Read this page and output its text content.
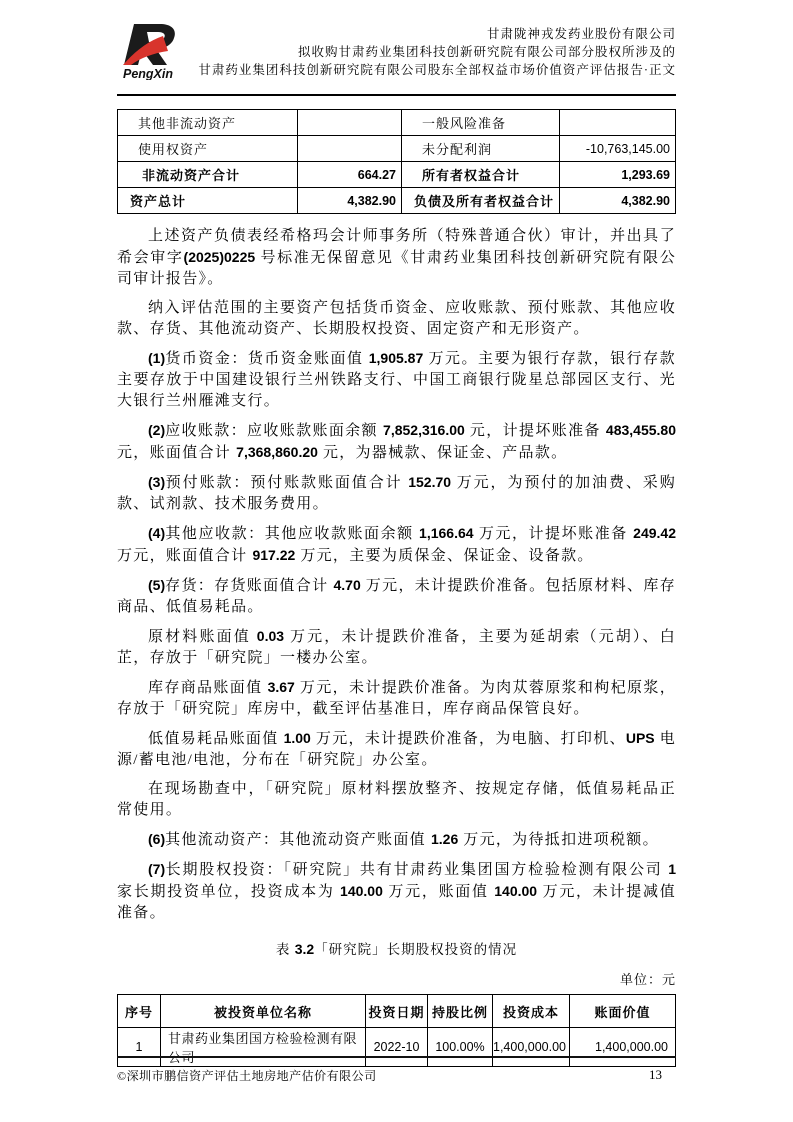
PengXin
甘肃陇神戎发药业股份有限公司
拟收购甘肃药业集团科技创新研究院有限公司部分股权所涉及的
甘肃药业集团科技创新研究院有限公司股东全部权益市场价值资产评估报告·正文
其他非流动资产		一般风险准备	
使用权资产		未分配利润	-10,763,145.00
非流动资产合计	664.27	所有者权益合计	1,293.69
资产总计	4,382.90	负债及所有者权益合计	4,382.90

上述资产负债表经希格玛会计师事务所（特殊普通合伙）审计，并出具了希会审字(2025)0225 号标准无保留意见《甘肃药业集团科技创新研究院有限公司审计报告》。

纳入评估范围的主要资产包括货币资金、应收账款、预付账款、其他应收款、存货、其他流动资产、长期股权投资、固定资产和无形资产。

(1)货币资金：货币资金账面值 1,905.87 万元。主要为银行存款，银行存款主要存放于中国建设银行兰州铁路支行、中国工商银行陇星总部园区支行、光大银行兰州雁滩支行。

(2)应收账款：应收账款账面余额 7,852,316.00 元，计提坏账准备 483,455.80 元，账面值合计 7,368,860.20 元，为器械款、保证金、产品款。

(3)预付账款：预付账款账面值合计 152.70 万元，为预付的加油费、采购款、试剂款、技术服务费用。

(4)其他应收款：其他应收款账面余额 1,166.64 万元，计提坏账准备 249.42 万元，账面值合计 917.22 万元，主要为质保金、保证金、设备款。

(5)存货：存货账面值合计 4.70 万元，未计提跌价准备。包括原材料、库存商品、低值易耗品。

原材料账面值 0.03 万元，未计提跌价准备，主要为延胡索（元胡）、白芷，存放于「研究院」一楼办公室。

库存商品账面值 3.67 万元，未计提跌价准备。为肉苁蓉原浆和枸杞原浆，存放于「研究院」库房中，截至评估基准日，库存商品保管良好。

低值易耗品账面值 1.00 万元，未计提跌价准备，为电脑、打印机、UPS 电源/蓄电池/电池，分布在「研究院」办公室。

在现场勘查中，「研究院」原材料摆放整齐、按规定存储，低值易耗品正常使用。

(6)其他流动资产：其他流动资产账面值 1.26 万元，为待抵扣进项税额。

(7)长期股权投资：「研究院」共有甘肃药业集团国方检验检测有限公司 1 家长期投资单位，投资成本为 140.00 万元，账面值 140.00 万元，未计提减值准备。

表 3.2「研究院」长期股权投资的情况
单位：元
序号	被投资单位名称	投资日期	持股比例	投资成本	账面价值
1	甘肃药业集团国方检验检测有限公司	2022-10	100.00%	1,400,000.00	1,400,000.00
©深圳市鹏信资产评估土地房地产估价有限公司	13
